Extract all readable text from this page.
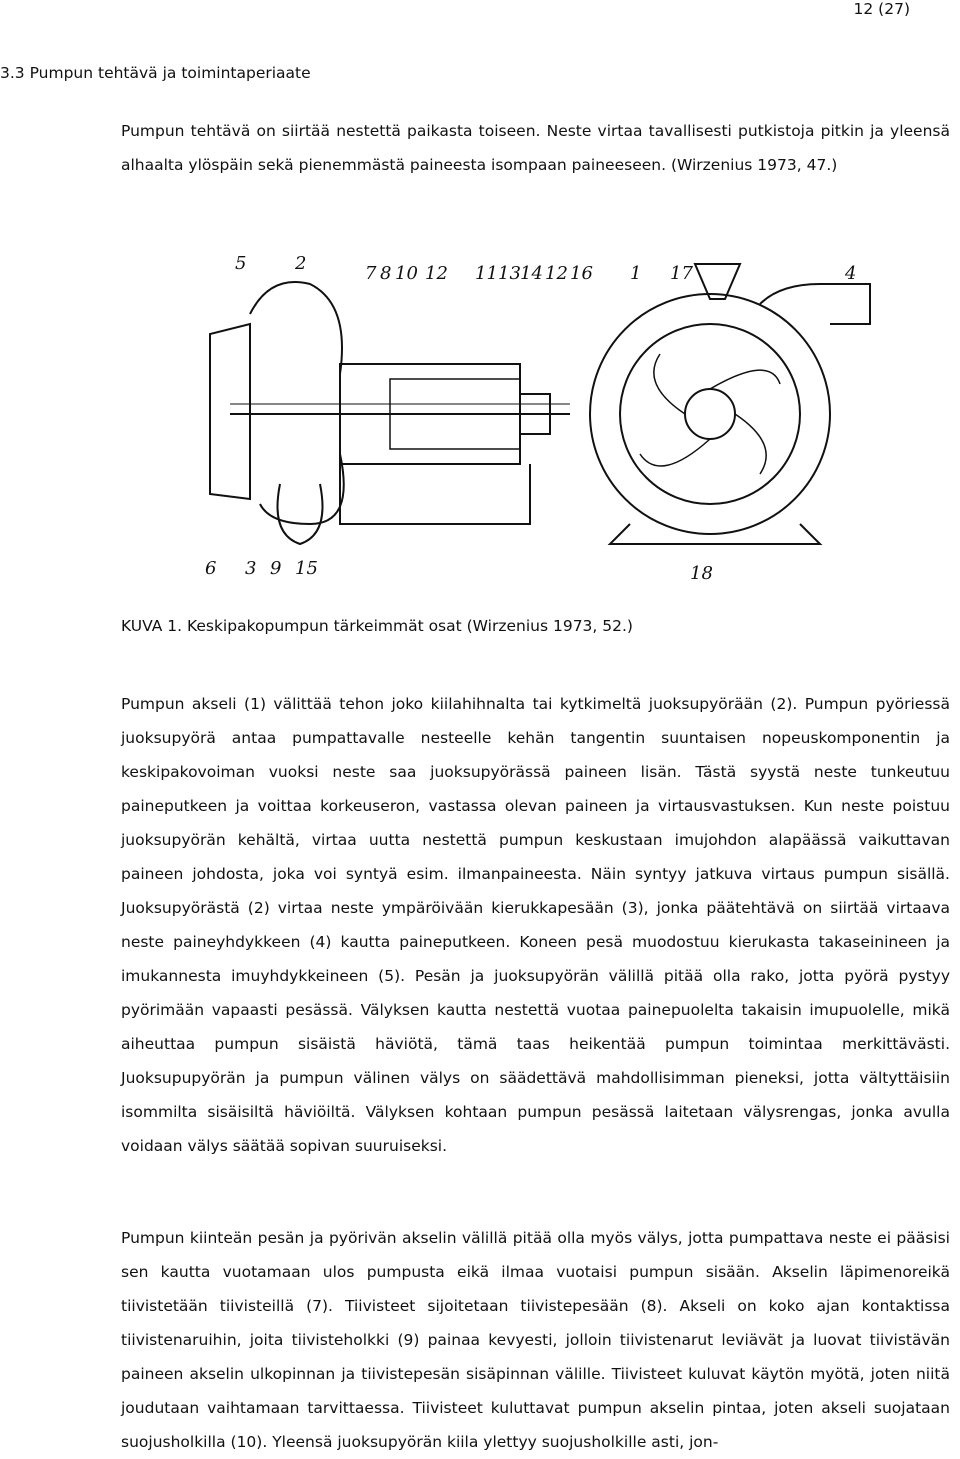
12 (27)
3.3 Pumpun tehtävä ja toimintaperiaate

Pumpun tehtävä on siirtää nestettä paikasta toiseen. Neste virtaa tavallisesti putkistoja pitkin ja yleensä alhaalta ylöspäin sekä pienemmästä paineesta isompaan paineeseen. (Wirzenius 1973, 47.)

5	2	7 8 10 12 11 13 14 12 16 1 17	4
6 3 9 15	18

KUVA 1. Keskipakopumpun tärkeimmät osat (Wirzenius 1973, 52.)

Pumpun akseli (1) välittää tehon joko kiilahihnalta tai kytkimeltä juoksupyörään (2). Pumpun pyöriessä juoksupyörä antaa pumpattavalle nesteelle kehän tangentin suuntaisen nopeuskomponentin ja keskipakovoiman vuoksi neste saa juoksupyörässä paineen lisän. Tästä syystä neste tunkeutuu paineputkeen ja voittaa korkeuseron, vastassa olevan paineen ja virtausvastuksen. Kun neste poistuu juoksupyörän kehältä, virtaa uutta nestettä pumpun keskustaan imujohdon alapäässä vaikuttavan paineen johdosta, joka voi syntyä esim. ilmanpaineesta. Näin syntyy jatkuva virtaus pumpun sisällä. Juoksupyörästä (2) virtaa neste ympäröivään kierukkapesään (3), jonka päätehtävä on siirtää virtaava neste paineyhdykkeen (4) kautta paineputkeen. Koneen pesä muodostuu kierukasta takaseinineen ja imukannesta imuyhdykkeineen (5). Pesän ja juoksupyörän välillä pitää olla rako, jotta pyörä pystyy pyörimään vapaasti pesässä. Välyksen kautta nestettä vuotaa painepuolelta takaisin imupuolelle, mikä aiheuttaa pumpun sisäistä häviötä, tämä taas heikentää pumpun toimintaa merkittävästi. Juoksupupyörän ja pumpun välinen välys on säädettävä mahdollisimman pieneksi, jotta vältyttäisiin isommilta sisäisiltä häviöiltä. Välyksen kohtaan pumpun pesässä laitetaan välysrengas, jonka avulla voidaan välys säätää sopivan suuruiseksi.

Pumpun kiinteän pesän ja pyörivän akselin välillä pitää olla myös välys, jotta pumpattava neste ei pääsisi sen kautta vuotamaan ulos pumpusta eikä ilmaa vuotaisi pumpun sisään. Akselin läpimenoreikä tiivistetään tiivisteillä (7). Tiivisteet sijoitetaan tiivistepesään (8). Akseli on koko ajan kontaktissa tiivistenaruihin, joita tiivisteholkki (9) painaa kevyesti, jolloin tiivistenarut leviävät ja luovat tiivistävän paineen akselin ulkopinnan ja tiivistepesän sisäpinnan välille. Tiivisteet kuluvat käytön myötä, joten niitä joudutaan vaihtamaan tarvittaessa. Tiivisteet kuluttavat pumpun akselin pintaa, joten akseli suojataan suojusholkilla (10). Yleensä juoksupyörän kiila ylettyy suojusholkille asti, jon-
